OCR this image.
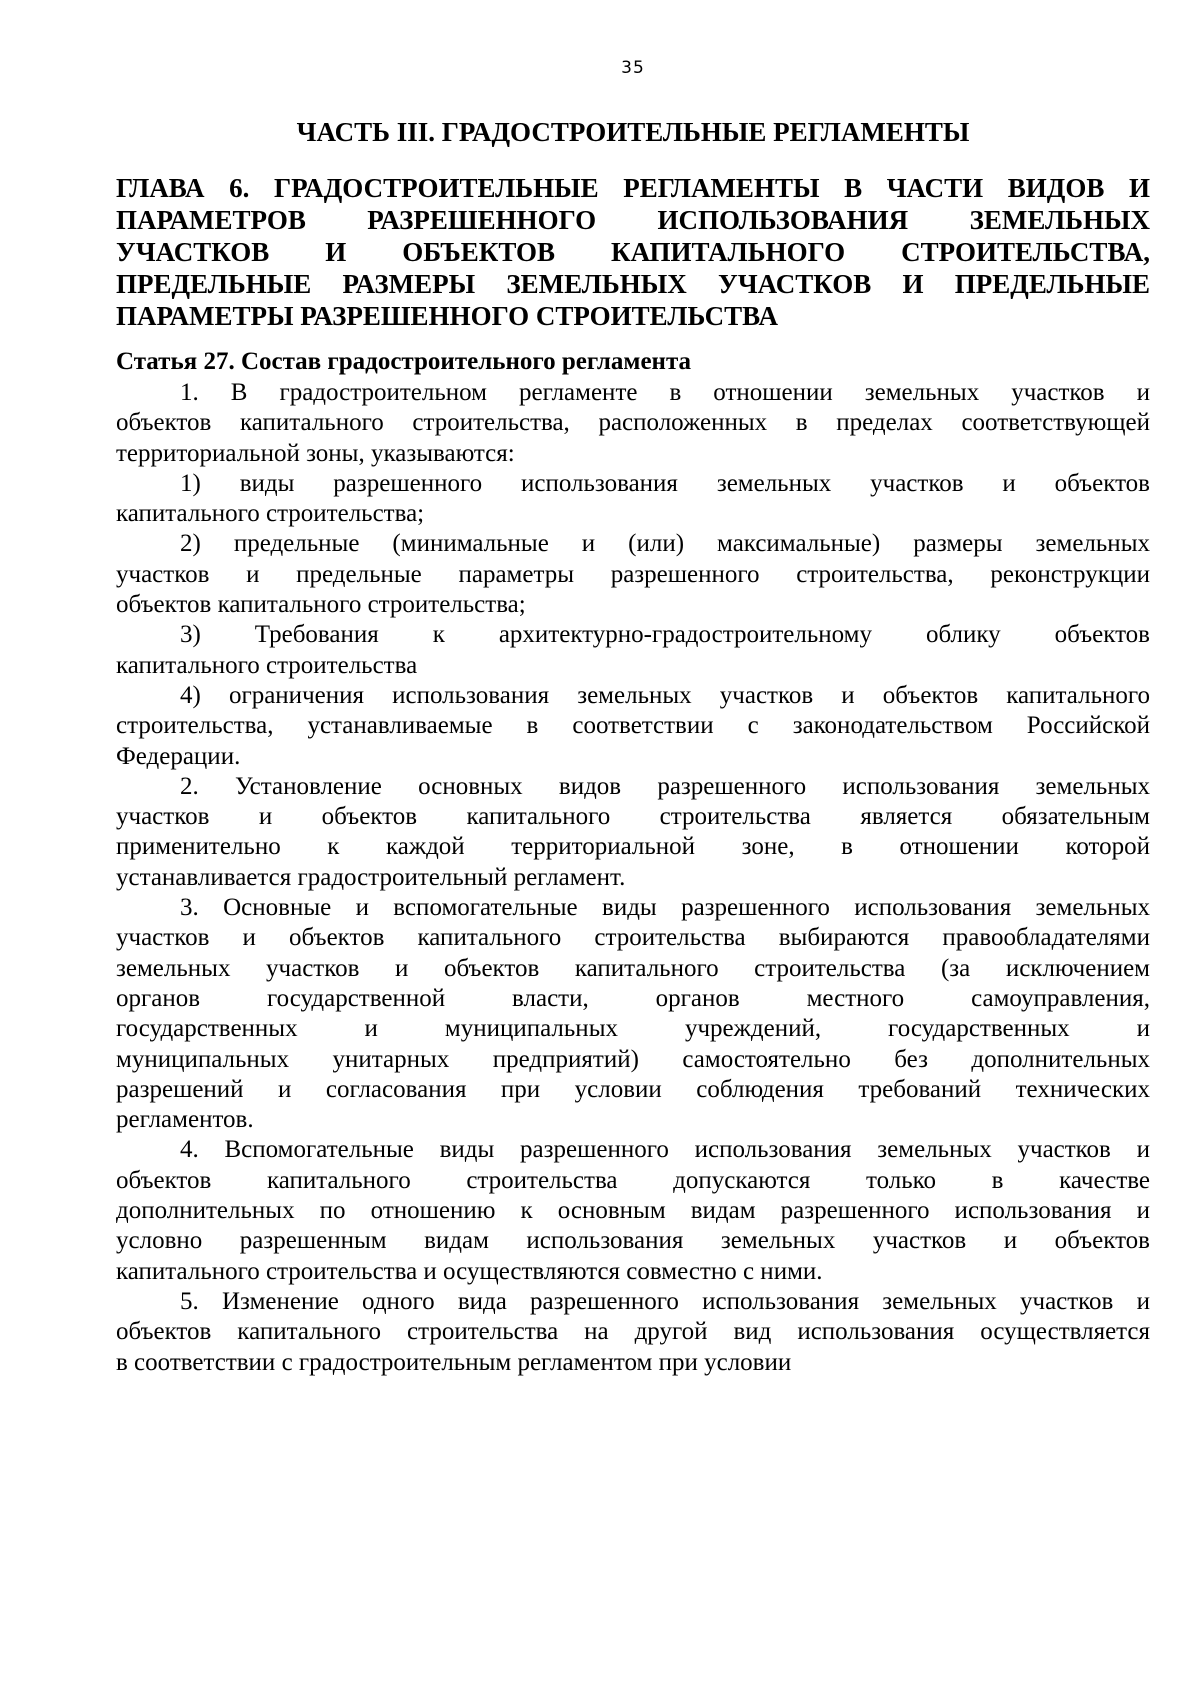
35
ЧАСТЬ III. ГРАДОСТРОИТЕЛЬНЫЕ РЕГЛАМЕНТЫ
ГЛАВА 6. ГРАДОСТРОИТЕЛЬНЫЕ РЕГЛАМЕНТЫ В ЧАСТИ ВИДОВ И
ПАРАМЕТРОВ РАЗРЕШЕННОГО ИСПОЛЬЗОВАНИЯ ЗЕМЕЛЬНЫХ
УЧАСТКОВ И ОБЪЕКТОВ КАПИТАЛЬНОГО СТРОИТЕЛЬСТВА,
ПРЕДЕЛЬНЫЕ РАЗМЕРЫ ЗЕМЕЛЬНЫХ УЧАСТКОВ И ПРЕДЕЛЬНЫЕ
ПАРАМЕТРЫ РАЗРЕШЕННОГО СТРОИТЕЛЬСТВА
Статья 27. Состав градостроительного регламента
1. В градостроительном регламенте в отношении земельных участков и
объектов капитального строительства, расположенных в пределах соответствующей
территориальной зоны, указываются:
1) виды разрешенного использования земельных участков и объектов
капитального строительства;
2) предельные (минимальные и (или) максимальные) размеры земельных
участков и предельные параметры разрешенного строительства, реконструкции
объектов капитального строительства;
3) Требования к архитектурно-градостроительному облику объектов
капитального строительства
4) ограничения использования земельных участков и объектов капитального
строительства, устанавливаемые в соответствии с законодательством Российской
Федерации.
2. Установление основных видов разрешенного использования земельных
участков и объектов капитального строительства является обязательным
применительно к каждой территориальной зоне, в отношении которой
устанавливается градостроительный регламент.
3. Основные и вспомогательные виды разрешенного использования земельных
участков и объектов капитального строительства выбираются правообладателями
земельных участков и объектов капитального строительства (за исключением
органов государственной власти, органов местного самоуправления,
государственных и муниципальных учреждений, государственных и
муниципальных унитарных предприятий) самостоятельно без дополнительных
разрешений и согласования при условии соблюдения требований технических
регламентов.
4. Вспомогательные виды разрешенного использования земельных участков и
объектов капитального строительства допускаются только в качестве
дополнительных по отношению к основным видам разрешенного использования и
условно разрешенным видам использования земельных участков и объектов
капитального строительства и осуществляются совместно с ними.
5. Изменение одного вида разрешенного использования земельных участков и
объектов капитального строительства на другой вид использования осуществляется
в соответствии с градостроительным регламентом при условии
